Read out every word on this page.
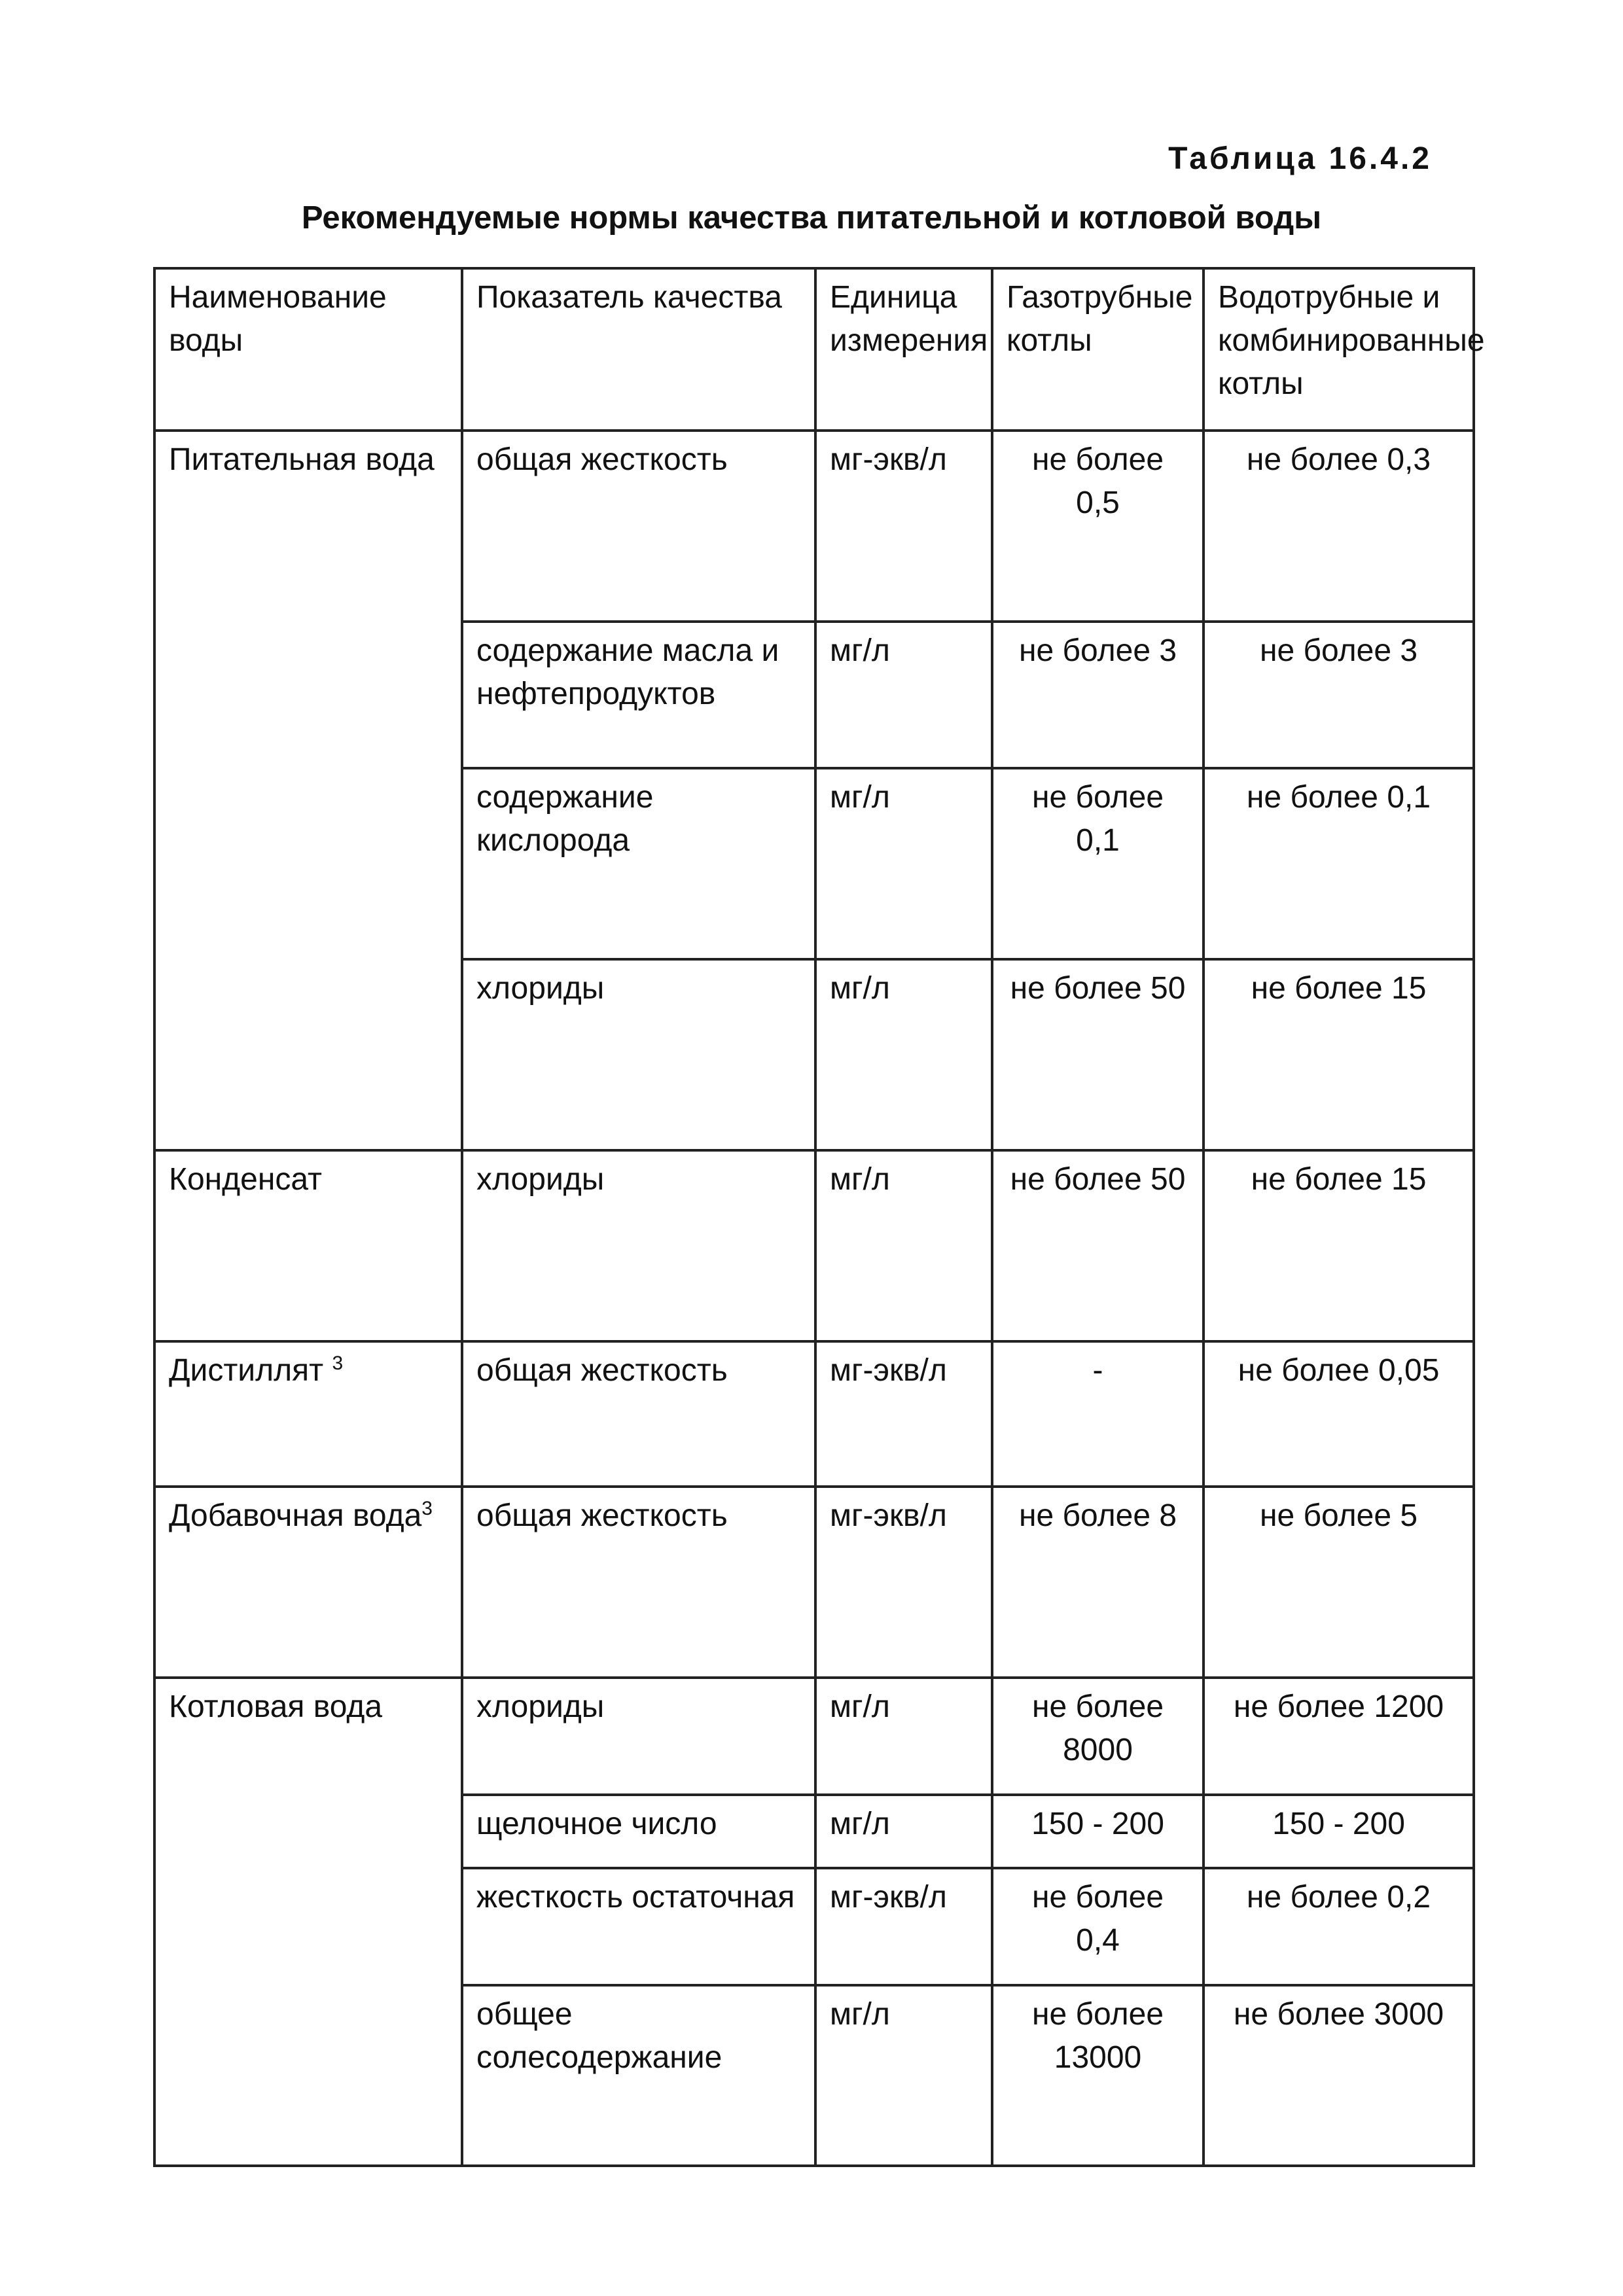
Таблица 16.4.2
Рекомендуемые нормы качества питательной и котловой воды
Наименование воды	Показатель качества	Единица измерения	Газотрубные котлы	Водотрубные и комбинированные котлы
Питательная вода	общая жесткость	мг-экв/л	не более 0,5	не более 0,3
	содержание масла и нефтепродуктов	мг/л	не более 3	не более 3
	содержание кислорода	мг/л	не более 0,1	не более 0,1
	хлориды	мг/л	не более 50	не более 15
Конденсат	хлориды	мг/л	не более 50	не более 15
Дистиллят $^3$	общая жесткость	мг-экв/л	-	не более 0,05
Добавочная вода$^3$	общая жесткость	мг-экв/л	не более 8	не более 5
Котловая вода	хлориды	мг/л	не более 8000	не более 1200
	щелочное число	мг/л	150 - 200	150 - 200
	жесткость остаточная	мг-экв/л	не более 0,4	не более 0,2
	общее солесодержание	мг/л	не более 13000	не более 3000
